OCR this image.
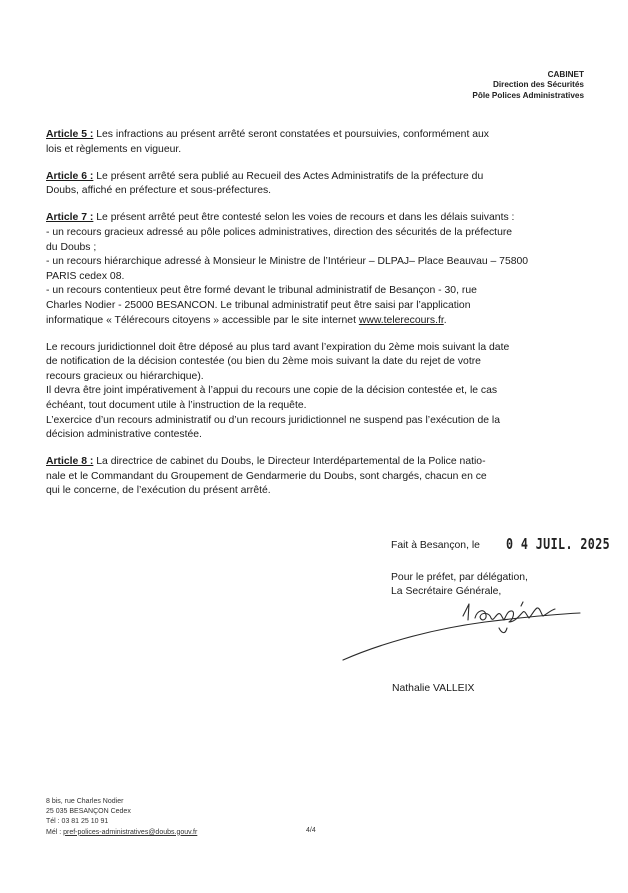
CABINET
Direction des Sécurités
Pôle Polices Administratives
Article 5 : Les infractions au présent arrêté seront constatées et poursuivies, conformément aux
lois et règlements en vigueur.
Article 6 : Le présent arrêté sera publié au Recueil des Actes Administratifs de la préfecture du
Doubs, affiché en préfecture et sous-préfectures.
Article 7 : Le présent arrêté peut être contesté selon les voies de recours et dans les délais suivants :
- un recours gracieux adressé au pôle polices administratives, direction des sécurités de la préfecture
du Doubs ;
- un recours hiérarchique adressé à Monsieur le Ministre de l’Intérieur – DLPAJ– Place Beauvau – 75800
PARIS cedex 08.
- un recours contentieux peut être formé devant le tribunal administratif de Besançon - 30, rue
Charles Nodier - 25000 BESANCON. Le tribunal administratif peut être saisi par l’application
informatique « Télérecours citoyens » accessible par le site internet www.telerecours.fr.
Le recours juridictionnel doit être déposé au plus tard avant l’expiration du 2ème mois suivant la date
de notification de la décision contestée (ou bien du 2ème mois suivant la date du rejet de votre
recours gracieux ou hiérarchique).
Il devra être joint impérativement à l’appui du recours une copie de la décision contestée et, le cas
échéant, tout document utile à l’instruction de la requête.
L’exercice d’un recours administratif ou d’un recours juridictionnel ne suspend pas l’exécution de la
décision administrative contestée.
Article 8 : La directrice de cabinet du Doubs, le Directeur Interdépartemental de la Police natio-
nale et le Commandant du Groupement de Gendarmerie du Doubs, sont chargés, chacun en ce
qui le concerne, de l’exécution du présent arrêté.
Fait à Besançon, le 0 4 JUIL. 2025
Pour le préfet, par délégation,
La Secrétaire Générale,
Nathalie VALLEIX
8 bis, rue Charles Nodier
25 035 BESANÇON Cedex
Tél : 03 81 25 10 91
Mél : pref-polices-administratives@doubs.gouv.fr	4/4
